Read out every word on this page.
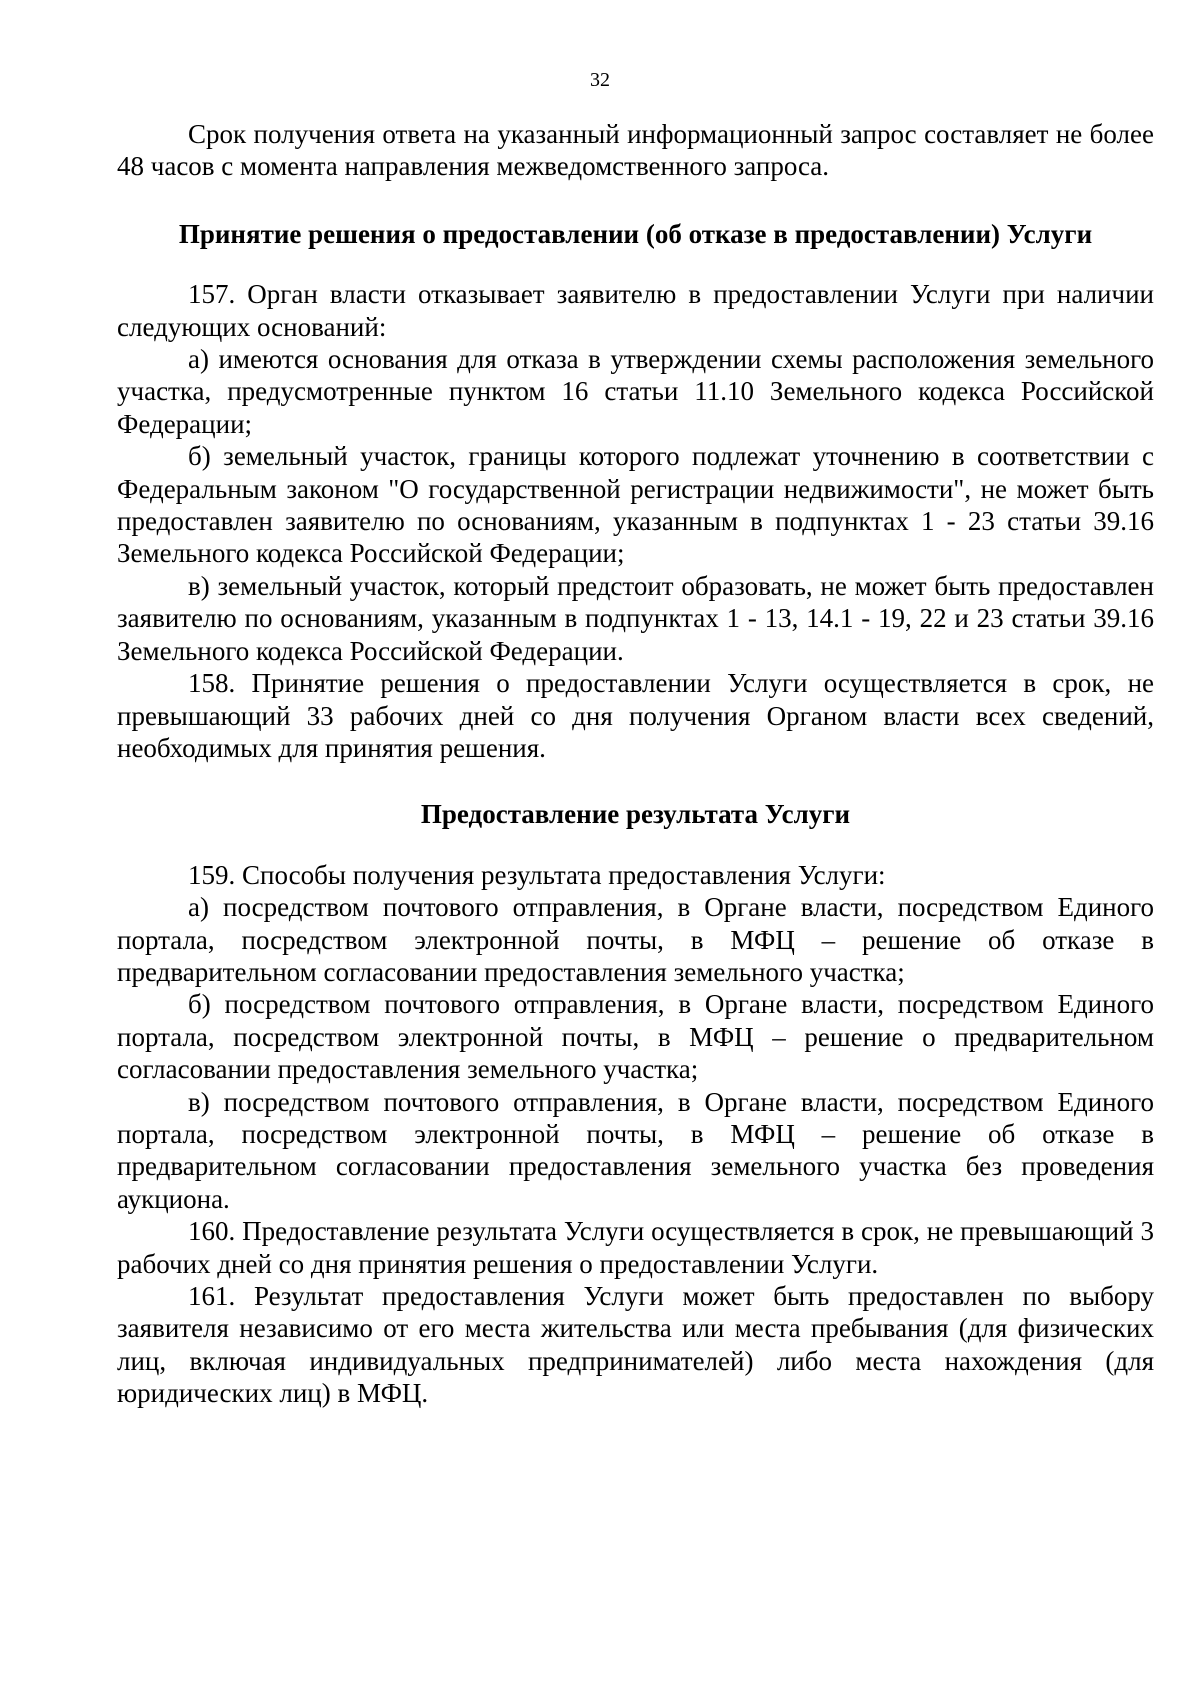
32

Срок получения ответа на указанный информационный запрос составляет не более 48 часов с момента направления межведомственного запроса.

Принятие решения о предоставлении (об отказе в предоставлении) Услуги

157. Орган власти отказывает заявителю в предоставлении Услуги при наличии следующих оснований:

а) имеются основания для отказа в утверждении схемы расположения земельного участка, предусмотренные пунктом 16 статьи 11.10 Земельного кодекса Российской Федерации;

б) земельный участок, границы которого подлежат уточнению в соответствии с Федеральным законом "О государственной регистрации недвижимости", не может быть предоставлен заявителю по основаниям, указанным в подпунктах 1 - 23 статьи 39.16 Земельного кодекса Российской Федерации;

в) земельный участок, который предстоит образовать, не может быть предоставлен заявителю по основаниям, указанным в подпунктах 1 - 13, 14.1 - 19, 22 и 23 статьи 39.16 Земельного кодекса Российской Федерации.

158. Принятие решения о предоставлении Услуги осуществляется в срок, не превышающий 33 рабочих дней со дня получения Органом власти всех сведений, необходимых для принятия решения.

Предоставление результата Услуги

159. Способы получения результата предоставления Услуги:

а) посредством почтового отправления, в Органе власти, посредством Единого портала, посредством электронной почты, в МФЦ – решение об отказе в предварительном согласовании предоставления земельного участка;

б) посредством почтового отправления, в Органе власти, посредством Единого портала, посредством электронной почты, в МФЦ – решение о предварительном согласовании предоставления земельного участка;

в) посредством почтового отправления, в Органе власти, посредством Единого портала, посредством электронной почты, в МФЦ – решение об отказе в предварительном согласовании предоставления земельного участка без проведения аукциона.

160. Предоставление результата Услуги осуществляется в срок, не превышающий 3 рабочих дней со дня принятия решения о предоставлении Услуги.

161. Результат предоставления Услуги может быть предоставлен по выбору заявителя независимо от его места жительства или места пребывания (для физических лиц, включая индивидуальных предпринимателей) либо места нахождения (для юридических лиц) в МФЦ.
